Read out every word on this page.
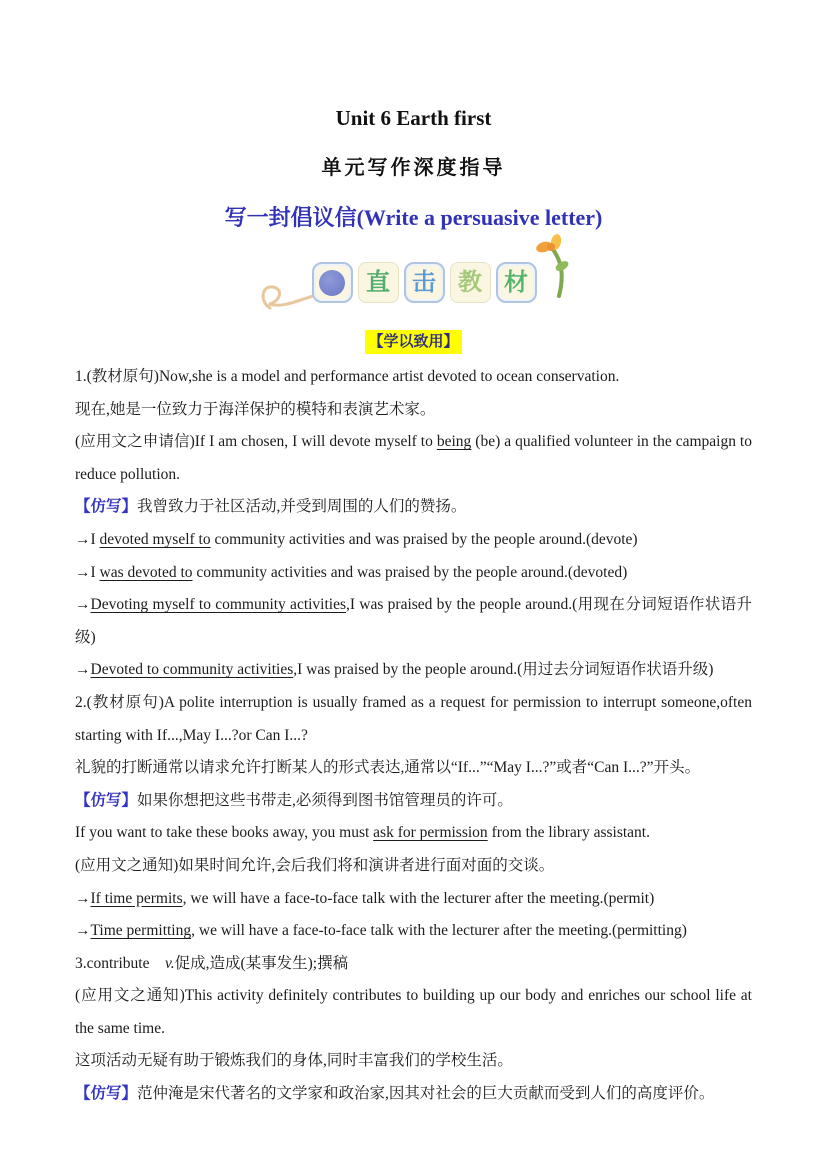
Unit 6 Earth first
单元写作深度指导
写一封倡议信(Write a persuasive letter)
直 击 教 材
【学以致用】

1.(教材原句)Now,she is a model and performance artist devoted to ocean conservation.

现在,她是一位致力于海洋保护的模特和表演艺术家。

(应用文之申请信)If I am chosen, I will devote myself to being (be) a qualified volunteer in the campaign to reduce pollution.

【仿写】我曾致力于社区活动,并受到周围的人们的赞扬。

→I devoted myself to community activities and was praised by the people around.(devote)

→I was devoted to community activities and was praised by the people around.(devoted)

→Devoting myself to community activities,I was praised by the people around.(用现在分词短语作状语升级)

→Devoted to community activities,I was praised by the people around.(用过去分词短语作状语升级)

2.(教材原句)A polite interruption is usually framed as a request for permission to interrupt someone,often starting with If...,May I...?or Can I...?

礼貌的打断通常以请求允许打断某人的形式表达,通常以“If...”“May I...?”或者“Can I...?”开头。

【仿写】如果你想把这些书带走,必须得到图书馆管理员的许可。

If you want to take these books away, you must ask for permission from the library assistant.

(应用文之通知)如果时间允许,会后我们将和演讲者进行面对面的交谈。

→If time permits, we will have a face-to-face talk with the lecturer after the meeting.(permit)

→Time permitting, we will have a face-to-face talk with the lecturer after the meeting.(permitting)

3.contribute　v.促成,造成(某事发生);撰稿

(应用文之通知)This activity definitely contributes to building up our body and enriches our school life at the same time.

这项活动无疑有助于锻炼我们的身体,同时丰富我们的学校生活。

【仿写】范仲淹是宋代著名的文学家和政治家,因其对社会的巨大贡献而受到人们的高度评价。
